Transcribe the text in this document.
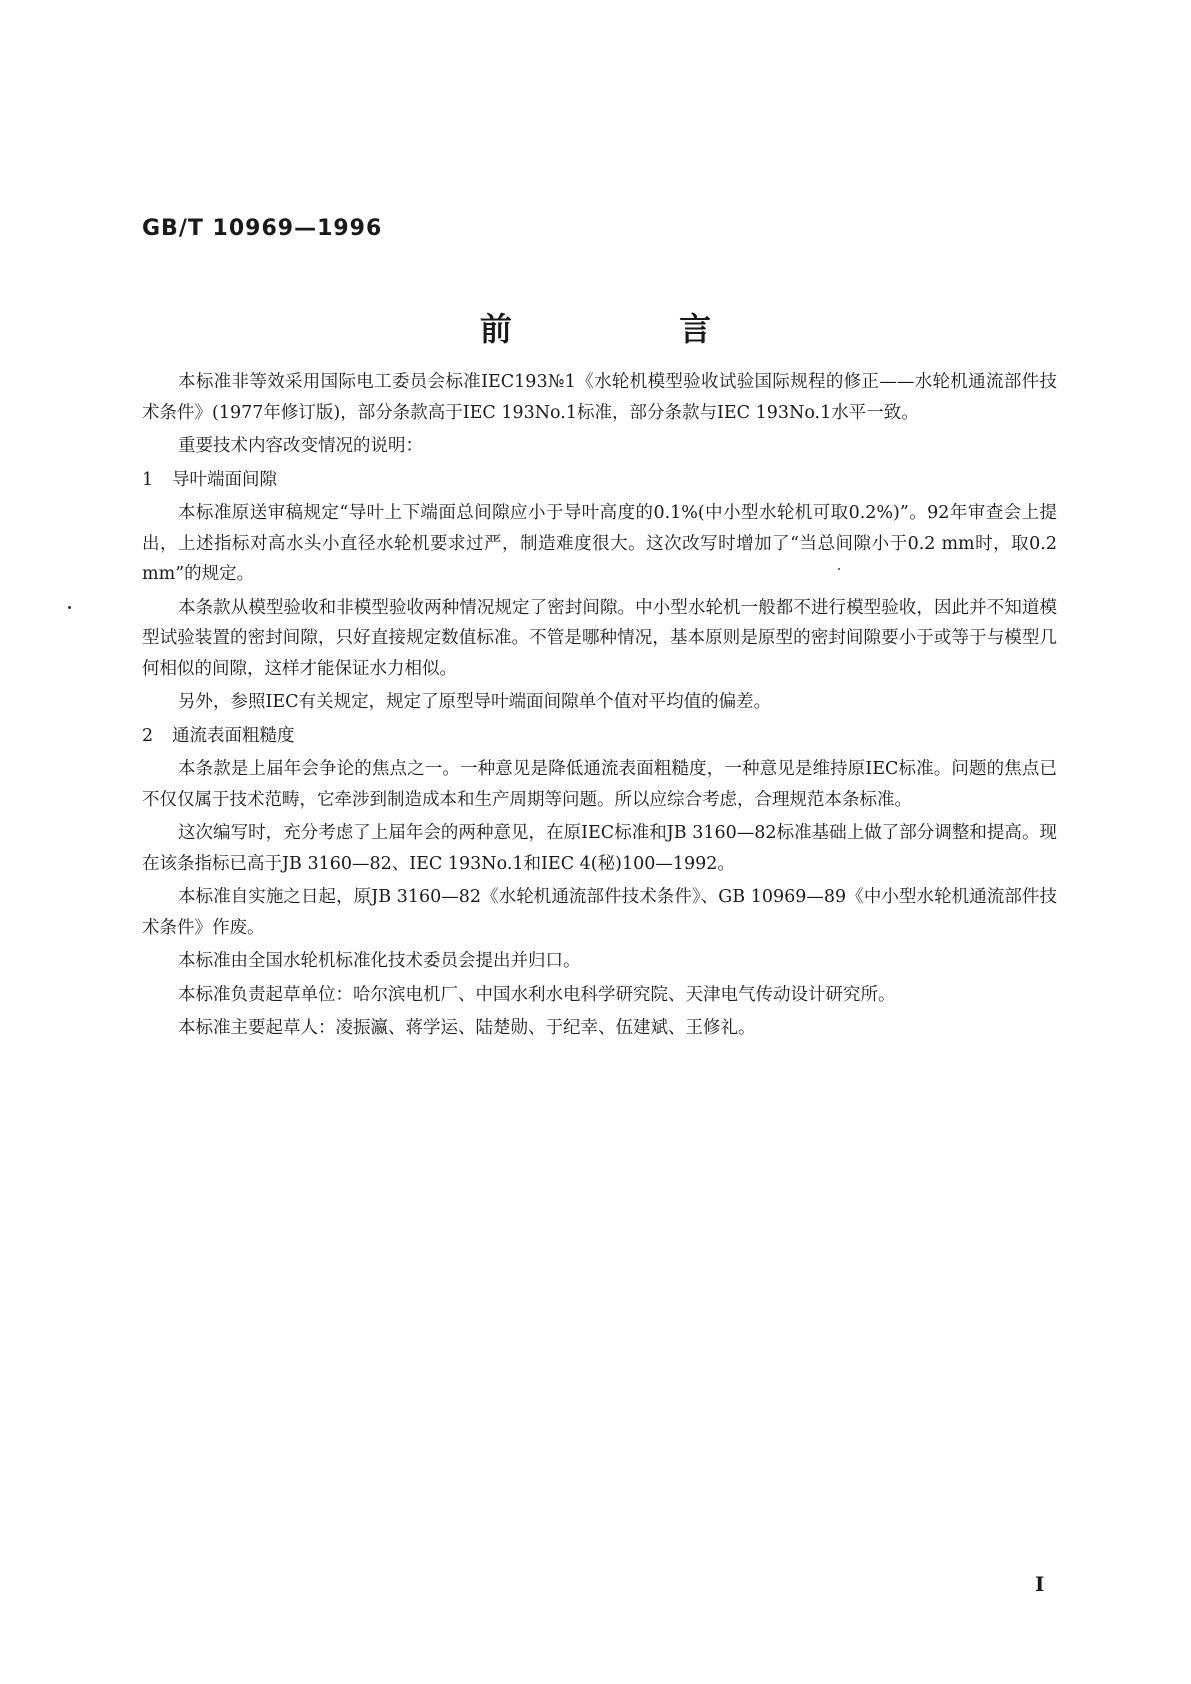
GB/T 10969—1996
前 言

本标准非等效采用国际电工委员会标准IEC193№1《水轮机模型验收试验国际规程的修正——水轮机通流部件技术条件》(1977年修订版)，部分条款高于IEC 193No.1标准，部分条款与IEC 193No.1水平一致。

重要技术内容改变情况的说明：

1 导叶端面间隙

本标准原送审稿规定“导叶上下端面总间隙应小于导叶高度的0.1%(中小型水轮机可取0.2%)”。92年审查会上提出，上述指标对高水头小直径水轮机要求过严，制造难度很大。这次改写时增加了“当总间隙小于0.2 mm时，取0.2 mm”的规定。

本条款从模型验收和非模型验收两种情况规定了密封间隙。中小型水轮机一般都不进行模型验收，因此并不知道模型试验装置的密封间隙，只好直接规定数值标准。不管是哪种情况，基本原则是原型的密封间隙要小于或等于与模型几何相似的间隙，这样才能保证水力相似。

另外，参照IEC有关规定，规定了原型导叶端面间隙单个值对平均值的偏差。

2 通流表面粗糙度

本条款是上届年会争论的焦点之一。一种意见是降低通流表面粗糙度，一种意见是维持原IEC标准。问题的焦点已不仅仅属于技术范畴，它牵涉到制造成本和生产周期等问题。所以应综合考虑，合理规范本条标准。

这次编写时，充分考虑了上届年会的两种意见，在原IEC标准和JB 3160—82标准基础上做了部分调整和提高。现在该条指标已高于JB 3160—82、IEC 193No.1和IEC 4(秘)100—1992。

本标准自实施之日起，原JB 3160—82《水轮机通流部件技术条件》、GB 10969—89《中小型水轮机通流部件技术条件》作废。

本标准由全国水轮机标准化技术委员会提出并归口。

本标准负责起草单位：哈尔滨电机厂、中国水利水电科学研究院、天津电气传动设计研究所。

本标准主要起草人：凌振瀛、蒋学运、陆楚勋、于纪幸、伍建斌、王修礼。

Ⅰ
